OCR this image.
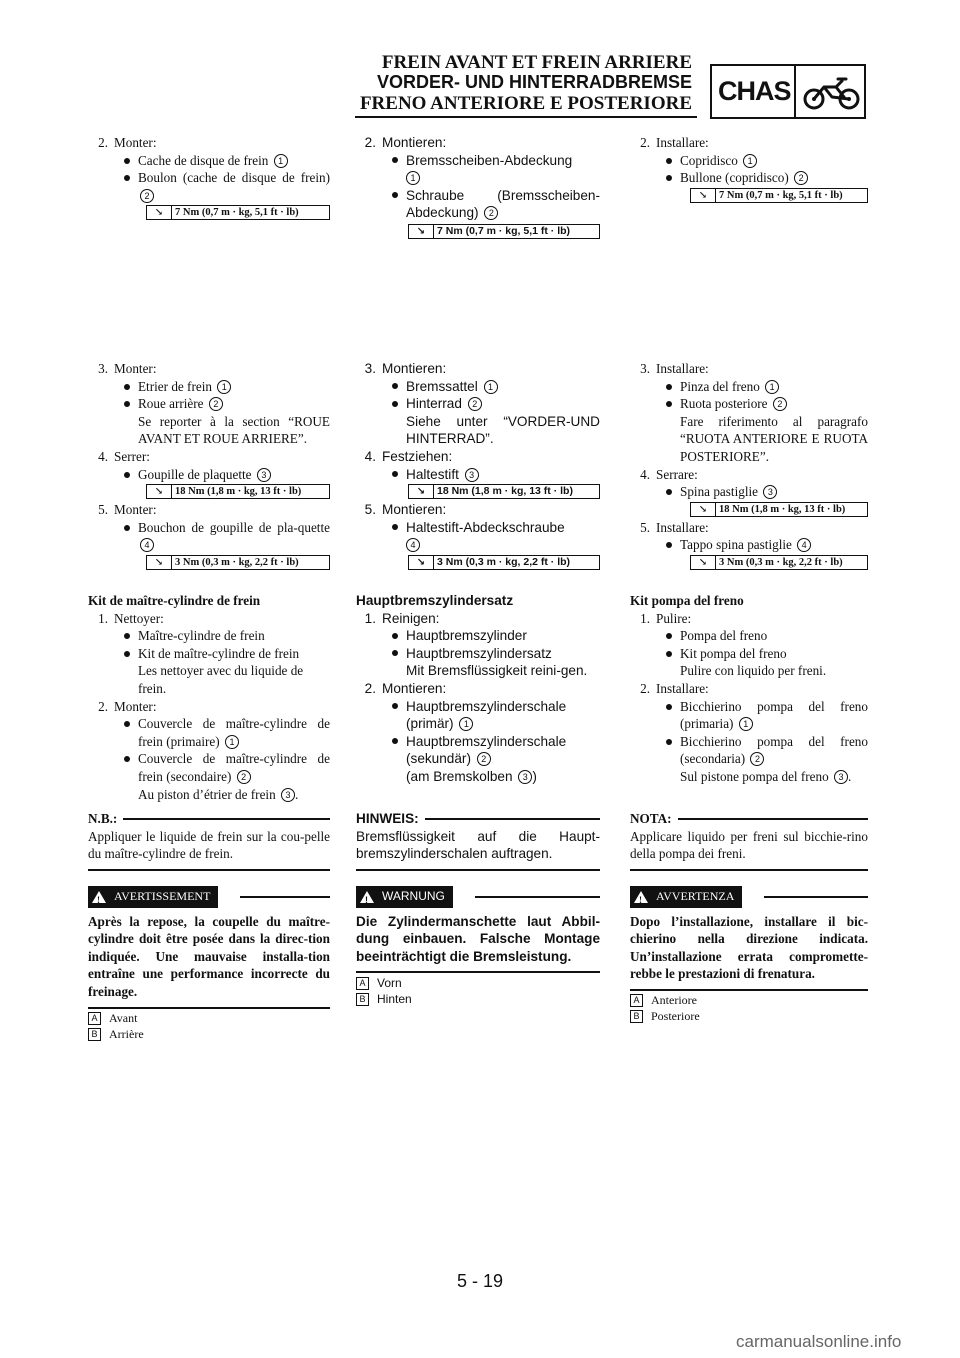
FREIN AVANT ET FREIN ARRIERE
VORDER- UND HINTERRADBREMSE
FRENO ANTERIORE E POSTERIORE CHAS
2. Monter:
Cache de disque de frein 1
Boulon (cache de disque de frein) 2
↘	7 Nm (0,7 m · kg, 5,1 ft · lb)
3. Monter:
Etrier de frein 1
Roue arrière 2
Se reporter à la section “ROUE AVANT ET ROUE ARRIERE”.
4. Serrer:
Goupille de plaquette 3
↘	18 Nm (1,8 m · kg, 13 ft · lb)
5. Monter:
Bouchon de goupille de pla-quette 4
↘	3 Nm (0,3 m · kg, 2,2 ft · lb)
Kit de maître-cylindre de frein
1. Nettoyer:
Maître-cylindre de frein
Kit de maître-cylindre de frein
Les nettoyer avec du liquide de frein.
2. Monter:
Couvercle de maître-cylindre de frein (primaire) 1
Couvercle de maître-cylindre de frein (secondaire) 2
Au piston d’étrier de frein 3 .
N.B.:
Appliquer le liquide de frein sur la cou-pelle du maître-cylindre de frein.
!
AVERTISSEMENT
Après la repose, la coupelle du maître-cylindre doit être posée dans la direc-tion indiquée. Une mauvaise installa-tion entraîne une performance incorrecte du freinage.
A Avant
B Arrière
2. Montieren:
Bremsscheiben-Abdeckung
1
Schraube (Bremsscheiben-Abdeckung) 2
↘	7 Nm (0,7 m · kg, 5,1 ft · lb)
3. Montieren:
Bremssattel 1
Hinterrad 2
Siehe unter “VORDER-UND HINTERRAD”.
4. Festziehen:
Haltestift 3
↘	18 Nm (1,8 m · kg, 13 ft · lb)
5. Montieren:
Haltestift-Abdeckschraube
4
↘	3 Nm (0,3 m · kg, 2,2 ft · lb)
Hauptbremszylindersatz
1. Reinigen:
Hauptbremszylinder
Hauptbremszylindersatz
Mit Bremsflüssigkeit reini-gen.
2. Montieren:
Hauptbremszylinderschale (primär) 1
Hauptbremszylinderschale (sekundär) 2
(am Bremskolben 3 )
HINWEIS:
Bremsflüssigkeit auf die Haupt-bremszylinderschalen auftragen.
!
WARNUNG
Die Zylindermanschette laut Abbil-dung einbauen. Falsche Montage beeinträchtigt die Bremsleistung.
A Vorn
B Hinten
2. Installare:
Copridisco 1
Bullone (copridisco) 2
↘	7 Nm (0,7 m · kg, 5,1 ft · lb)
3. Installare:
Pinza del freno 1
Ruota posteriore 2
Fare riferimento al paragrafo “RUOTA ANTERIORE E RUOTA POSTERIORE”.
4. Serrare:
Spina pastiglie 3
↘	18 Nm (1,8 m · kg, 13 ft · lb)
5. Installare:
Tappo spina pastiglie 4
↘	3 Nm (0,3 m · kg, 2,2 ft · lb)
Kit pompa del freno
1. Pulire:
Pompa del freno
Kit pompa del freno
Pulire con liquido per freni.
2. Installare:
Bicchierino pompa del freno (primaria) 1
Bicchierino pompa del freno (secondaria) 2
Sul pistone pompa del freno 3 .
NOTA:
Applicare liquido per freni sul bicchie-rino della pompa dei freni.
!
AVVERTENZA
Dopo l’installazione, installare il bic-chierino nella direzione indicata. Un’installazione errata compromette-rebbe le prestazioni di frenatura.
A Anteriore
B Posteriore
5 - 19
carmanualsonline.info
